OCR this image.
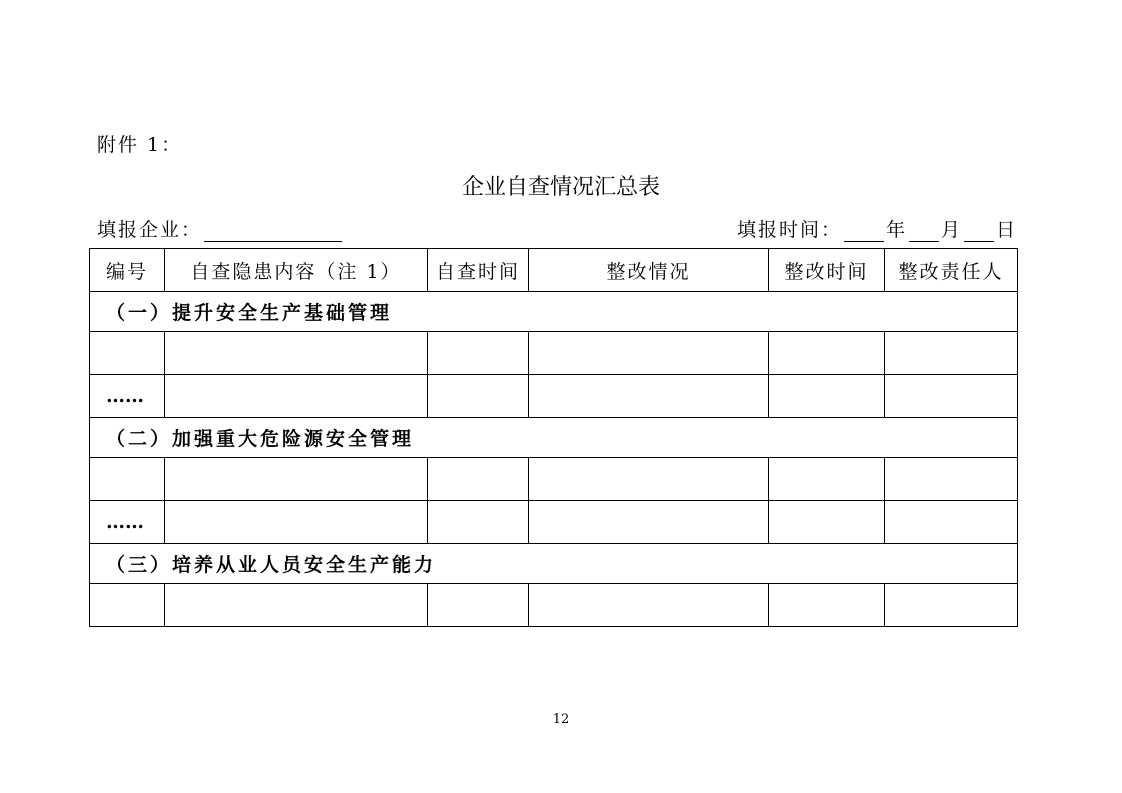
附件 1：
企业自查情况汇总表
填报企业：	填报时间： 年 月 日
编号	自查隐患内容（注 1）	自查时间	整改情况	整改时间	整改责任人
（一）提升安全生产基础管理					

……					
（二）加强重大危险源安全管理					

……					
（三）培养从业人员安全生产能力					

12
